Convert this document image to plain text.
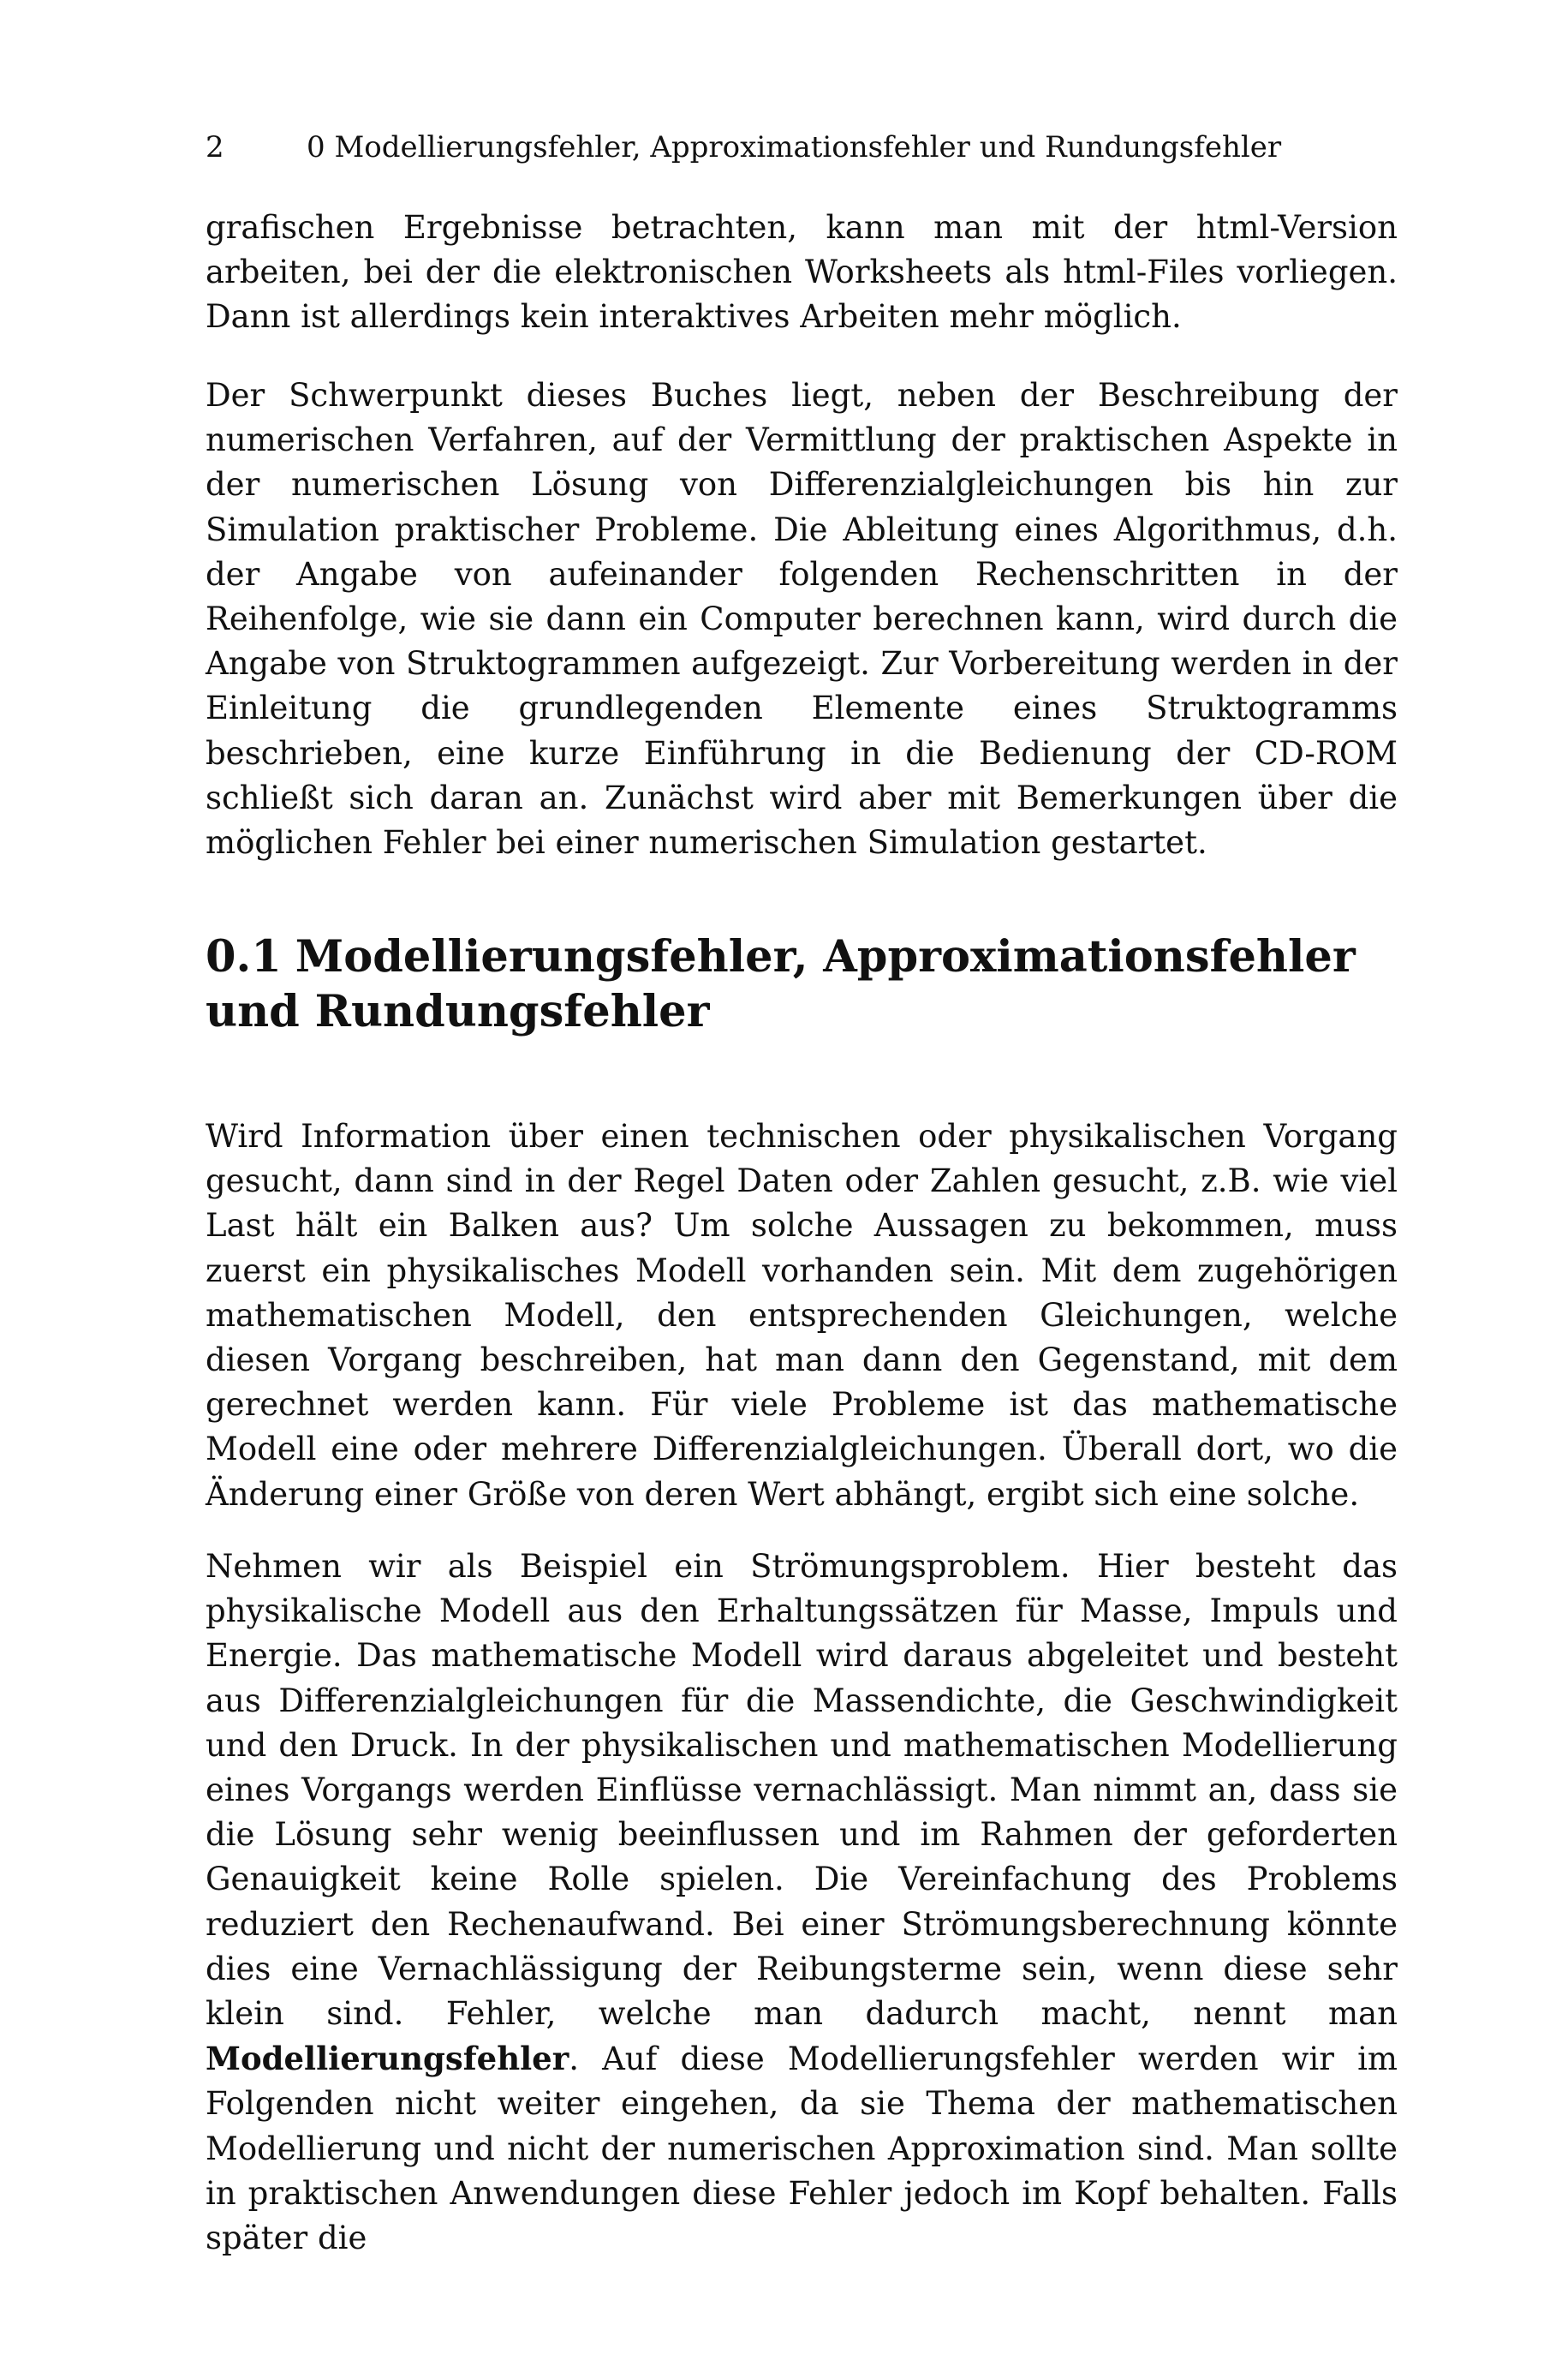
2	0 Modellierungsfehler, Approximationsfehler und Rundungsfehler

grafischen Ergebnisse betrachten, kann man mit der html-Version arbeiten, bei der die elektronischen Worksheets als html-Files vorliegen. Dann ist allerdings kein interaktives Arbeiten mehr möglich.

Der Schwerpunkt dieses Buches liegt, neben der Beschreibung der numerischen Verfahren, auf der Vermittlung der praktischen Aspekte in der numerischen Lösung von Differenzialgleichungen bis hin zur Simulation praktischer Probleme. Die Ableitung eines Algorithmus, d.h. der Angabe von aufeinander folgenden Rechenschritten in der Reihenfolge, wie sie dann ein Computer berechnen kann, wird durch die Angabe von Struktogrammen aufgezeigt. Zur Vorbereitung werden in der Einleitung die grundlegenden Elemente eines Struktogramms beschrieben, eine kurze Einführung in die Bedienung der CD-ROM schließt sich daran an. Zunächst wird aber mit Bemerkungen über die möglichen Fehler bei einer numerischen Simulation gestartet.

0.1 Modellierungsfehler, Approximationsfehler
und Rundungsfehler

Wird Information über einen technischen oder physikalischen Vorgang gesucht, dann sind in der Regel Daten oder Zahlen gesucht, z.B. wie viel Last hält ein Balken aus? Um solche Aussagen zu bekommen, muss zuerst ein physikalisches Modell vorhanden sein. Mit dem zugehörigen mathematischen Modell, den entsprechenden Gleichungen, welche diesen Vorgang beschreiben, hat man dann den Gegenstand, mit dem gerechnet werden kann. Für viele Probleme ist das mathematische Modell eine oder mehrere Differenzialgleichungen. Überall dort, wo die Änderung einer Größe von deren Wert abhängt, ergibt sich eine solche.

Nehmen wir als Beispiel ein Strömungsproblem. Hier besteht das physikalische Modell aus den Erhaltungssätzen für Masse, Impuls und Energie. Das mathematische Modell wird daraus abgeleitet und besteht aus Differenzialgleichungen für die Massendichte, die Geschwindigkeit und den Druck. In der physikalischen und mathematischen Modellierung eines Vorgangs werden Einflüsse vernachlässigt. Man nimmt an, dass sie die Lösung sehr wenig beeinflussen und im Rahmen der geforderten Genauigkeit keine Rolle spielen. Die Vereinfachung des Problems reduziert den Rechenaufwand. Bei einer Strömungsberechnung könnte dies eine Vernachlässigung der Reibungsterme sein, wenn diese sehr klein sind. Fehler, welche man dadurch macht, nennt man Modellierungsfehler. Auf diese Modellierungsfehler werden wir im Folgenden nicht weiter eingehen, da sie Thema der mathematischen Modellierung und nicht der numerischen Approximation sind. Man sollte in praktischen Anwendungen diese Fehler jedoch im Kopf behalten. Falls später die
